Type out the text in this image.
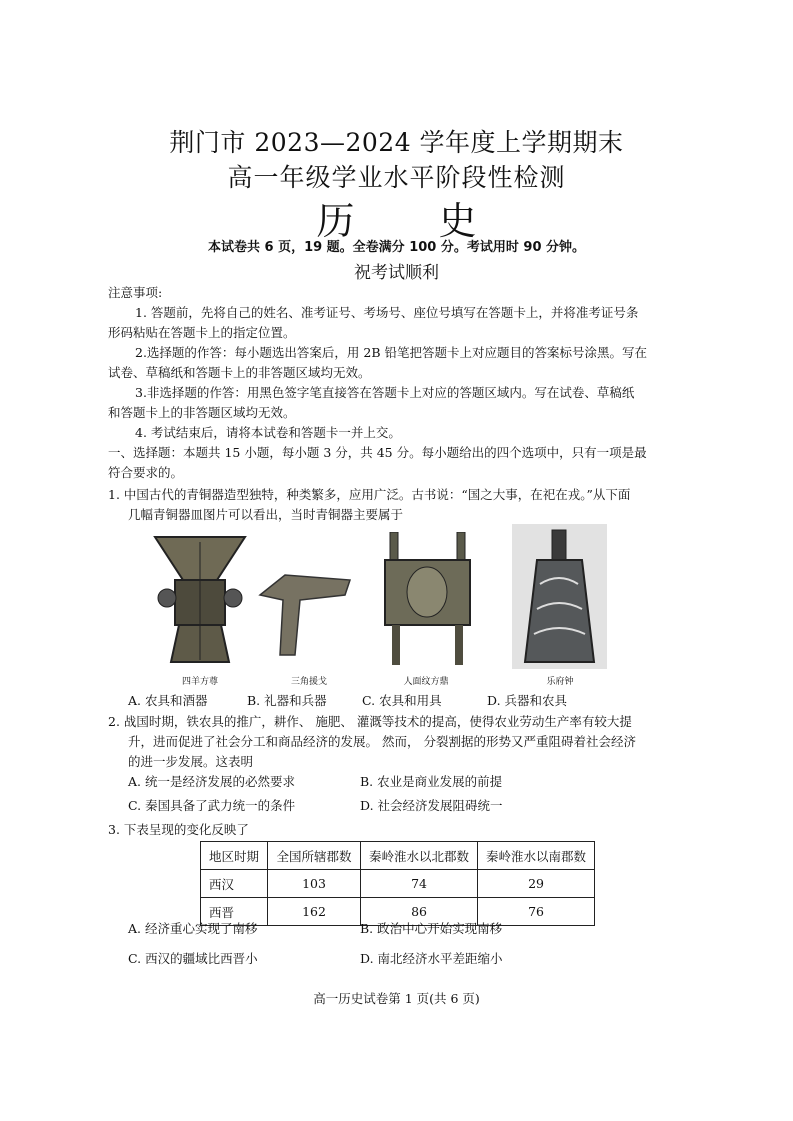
荆门市 2023—2024 学年度上学期期末
高一年级学业水平阶段性检测
历 史
本试卷共 6 页，19 题。全卷满分 100 分。考试用时 90 分钟。
祝考试顺利
注意事项:
1. 答题前，先将自己的姓名、准考证号、考场号、座位号填写在答题卡上，并将准考证号条
形码粘贴在答题卡上的指定位置。
2.选择题的作答：每小题选出答案后，用 2B 铅笔把答题卡上对应题目的答案标号涂黑。写在
试卷、草稿纸和答题卡上的非答题区域均无效。
3.非选择题的作答：用黑色签字笔直接答在答题卡上对应的答题区域内。写在试卷、草稿纸
和答题卡上的非答题区域均无效。
4. 考试结束后，请将本试卷和答题卡一并上交。
一、选择题：本题共 15 小题，每小题 3 分，共 45 分。每小题给出的四个选项中，只有一项是最
符合要求的。
1. 中国古代的青铜器造型独特，种类繁多，应用广泛。古书说：“国之大事，在祀在戎。”从下面
几幅青铜器皿图片可以看出，当时青铜器主要属于
四羊方尊	三角援戈	人面纹方鼎	乐府钟
A. 农具和酒器	B. 礼器和兵器	C. 农具和用具	D. 兵器和农具
2. 战国时期，铁农具的推广，耕作、 施肥、 灌溉等技术的提高，使得农业劳动生产率有较大提
升，进而促进了社会分工和商品经济的发展。 然而， 分裂割据的形势又严重阻碍着社会经济
的进一步发展。这表明
A. 统一是经济发展的必然要求	B. 农业是商业发展的前提
C. 秦国具备了武力统一的条件	D. 社会经济发展阻碍统一
3. 下表呈现的变化反映了
地区时期	全国所辖郡数	秦岭淮水以北郡数	秦岭淮水以南郡数
西汉	103	74	29
西晋	162	86	76
A. 经济重心实现了南移	B. 政治中心开始实现南移
C. 西汉的疆域比西晋小	D. 南北经济水平差距缩小
高一历史试卷第 1 页(共 6 页)
